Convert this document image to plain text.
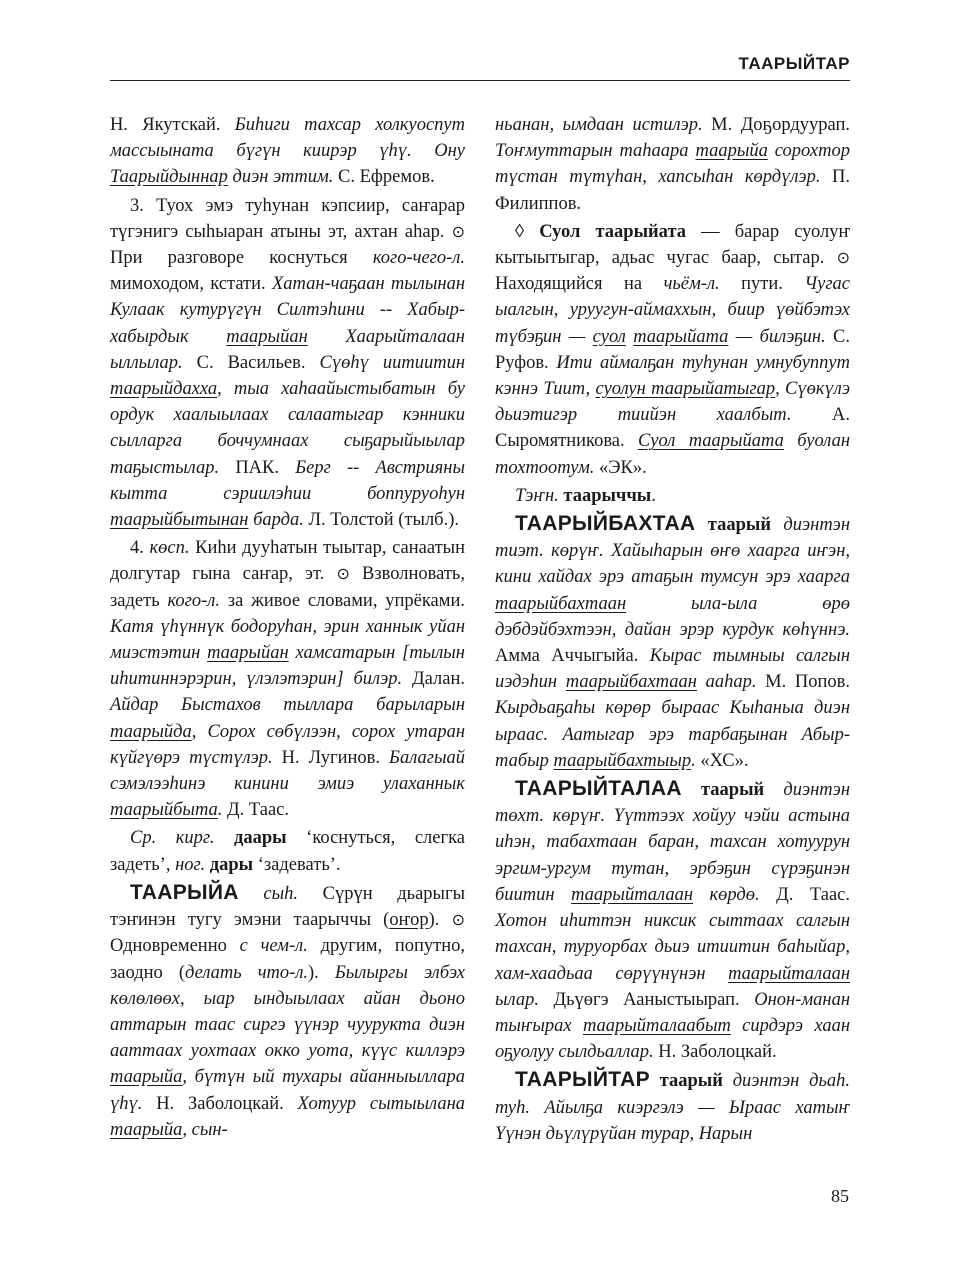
ТААРЫЙТАР

Н. Якутскай. Биһиги тахсар холкуоспут массыыната бүгүн киирэр үһү. Ону Таарыйдыннар диэн эттим. С. Ефремов.

3. Туох эмэ туһунан кэпсиир, саҥарар түгэнигэ сыһыаран атыны эт, ахтан аһар. ⊙ При разговоре коснуться кого-чего-л. мимоходом, кстати. Хатан-чаҕаан тылынан Кулаак кутурүгүн Силтэһини -- Хабыр-хабырдык таарыйан Хаарыйталаан ыллылар. С. Васильев. Сүөһү иитиитин таарыйдахха, тыа хаһаайыстыбатын бу ордук хаалыылаах салаатыгар кэнники сылларга боччумнаах сыҕарыйыылар таҕыстылар. ПАК. Берг -- Австрияны кытта сэриилэһии боппуруоһун таарыйбытынан барда. Л. Толстой (тылб.).

4. көсп. Киһи дууһатын тыытар, санаатын долгутар гына саҥар, эт. ⊙ Взволновать, задеть кого-л. за живое словами, упрёками. Катя үһүннүк бодоруһан, эрин ханнык уйан миэстэтин таарыйан хамсатарын [тылын иһитиннэрэрин, үлэлэтэрин] билэр. Далан. Айдар Быстахов тылларa барыларын таарыйда, Сорох сөбүлээн, сорох утаран күйгүөрэ түстүлэр. Н. Лугинов. Балагыай сэмэлээһинэ кинини эмиэ улаханнык таарыйбыта. Д. Таас.

Ср. кирг. даары ‘коснуться, слегка задеть’, ног. дары ‘задевать’.

ТААРЫЙА сыһ. Сүрүн дьарыгы тэҥинэн тугу эмэни таарыччы (оҥор). ⊙ Одновременно с чем-л. другим, попутно, заодно (делать что-л.). Былыргы элбэх көлөлөөх, ыар ындыылаах айан дьоно аттарын таас сиргэ үүнэр чуурукта диэн ааттаах уохтаах окко уота, күүс киллэрэ таарыйа, бүтүн ый тухары айанныыллара үһү. Н. Заболоцкай. Хотуур сытыылана таарыйа, сын-

ньанан, ымдаан истилэр. М. Доҕордуурап. Тоҥмуттарын таһаара таарыйа сорохтор түстан түтүһан, хапсыһан көрдүлэр. П. Филиппов.

◊ Суол таарыйата — барар суолуҥ кытыытыгар, адьас чугас баар, сытар. ⊙ Находящийся на чьём-л. пути. Чугас ыалгын, уруугун-аймаххын, биир үөйбэтэх түбэҕин — суол таарыйата — билэҕин. С. Руфов. Ити аймалҕан туһунан умнубуппут кэннэ Тиит, суолун таарыйатыгар, Сүөкүлэ дьиэтигэр тиийэн хаалбыт. А. Сыромятникова. Суол таарыйата буолан тохтоотум. «ЭК».

Тэҥн. таарыччы.

ТААРЫЙБАХТАА таарый диэнтэн тиэт. көрүҥ. Хайыһарын өҥө хаарга иҥэн, кини хайдах эрэ атаҕын тумсун эрэ хаарга таарыйбахтаан ыла-ыла өрө дэбдэйбэхтээн, дайан эрэр курдук көһүннэ. Амма Аччыгыйа. Кырас тымныы салгын иэдэһин таарыйбахтаан ааһар. М. Попов. Кырдьаҕаһы көрөр быраас Кыһаныа диэн ыраас. Аатыгар эрэ тарбаҕынан Абыр-табыр таарыйбахтыыр. «ХС».

ТААРЫЙТАЛАА таарый диэнтэн төхт. көрүҥ. Үүттээх хойуу чэйи астына иһэн, табахтаан баран, тахсан хотуурун эргим-ургум тутан, эрбэҕин сүрэҕинэн биитин таарыйталаан көрдө. Д. Таас. Хотон иһиттэн никсик сыттаах салгын тахсан, туруорбах дьиэ итиитин баһыйар, хам-хаадьаа сөрүүнүнэн таарыйталаан ылар. Дьүөгэ Ааныстыырап. Онон-манан тыҥырах таарыйталаабыт сирдэрэ хаан оҕуолуу сылдьаллар. Н. Заболоцкай.

ТААРЫЙТАР таарый диэнтэн дьаһ. туһ. Айылҕа киэргэлэ — Ыраас хатыҥ Үүнэн дьүлүрүйан турар, Нарын

85
